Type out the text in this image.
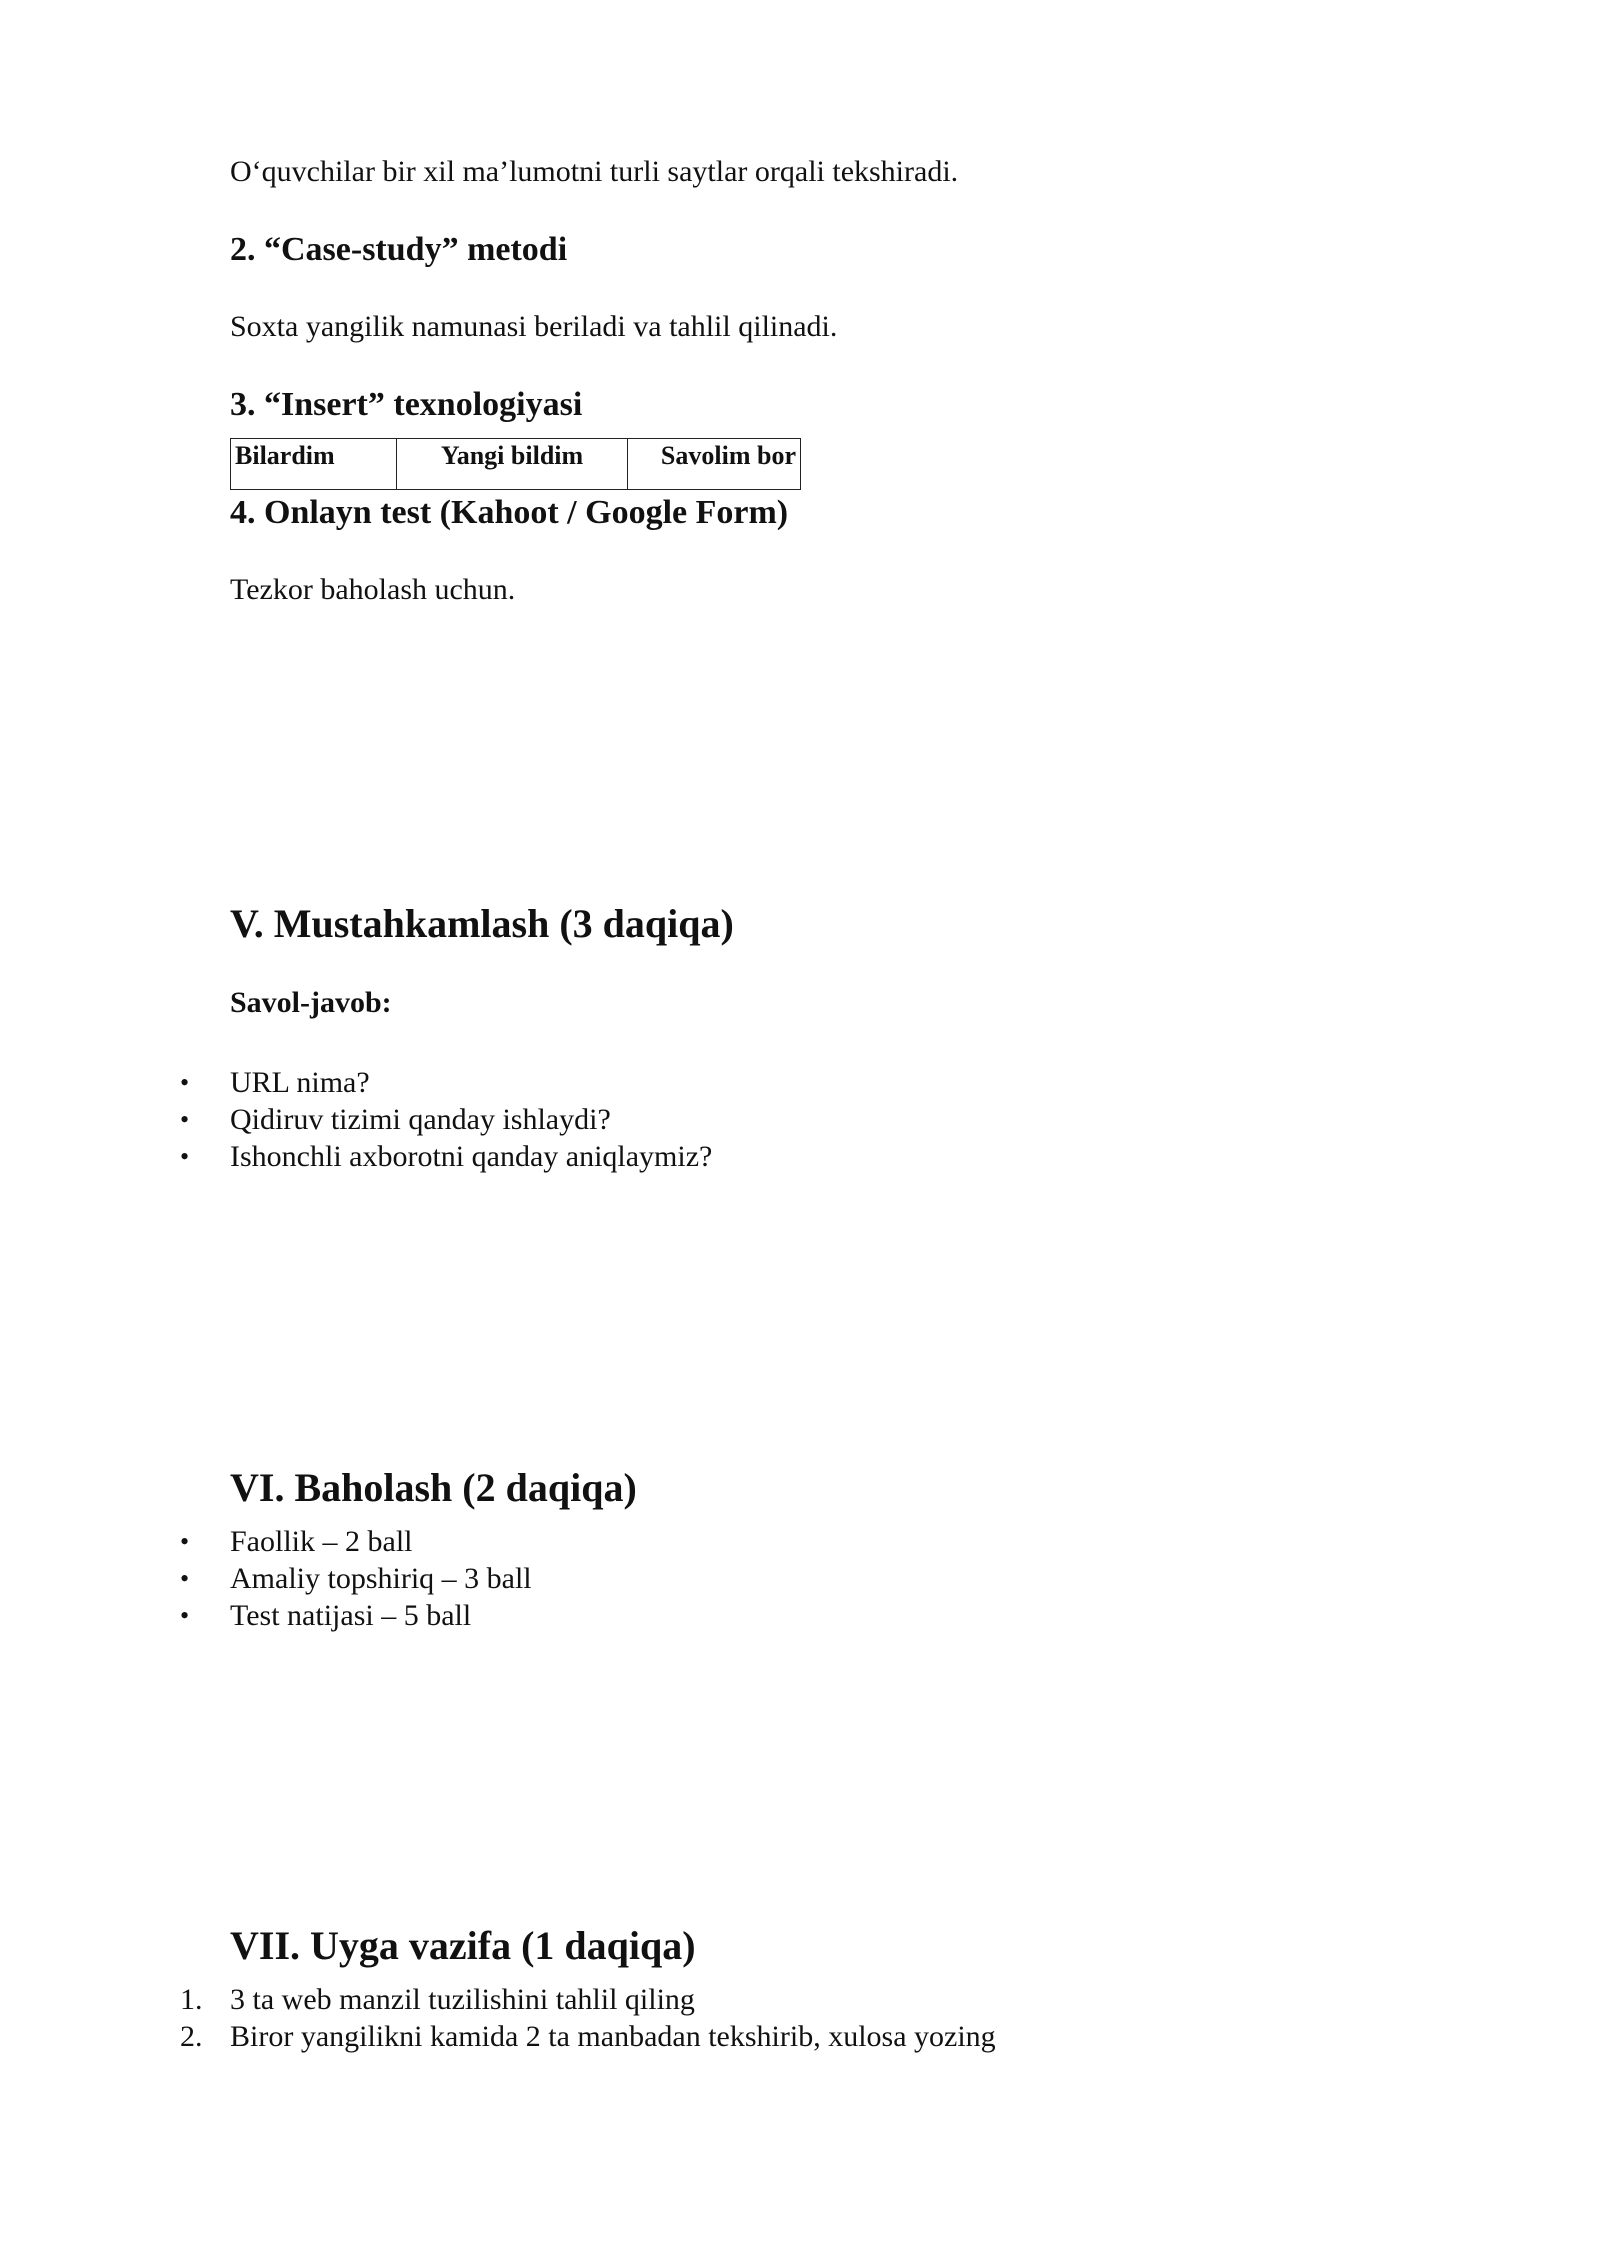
O‘quvchilar bir xil ma’lumotni turli saytlar orqali tekshiradi.
2. “Case-study” metodi
Soxta yangilik namunasi beriladi va tahlil qilinadi.
3. “Insert” texnologiyasi
Bilardim	Yangi bildim	Savolim bor
4. Onlayn test (Kahoot / Google Form)
Tezkor baholash uchun.
V. Mustahkamlash (3 daqiqa)
Savol-javob:
• URL nima?
• Qidiruv tizimi qanday ishlaydi?
• Ishonchli axborotni qanday aniqlaymiz?
VI. Baholash (2 daqiqa)
• Faollik – 2 ball
• Amaliy topshiriq – 3 ball
• Test natijasi – 5 ball
VII. Uyga vazifa (1 daqiqa)
1. 3 ta web manzil tuzilishini tahlil qiling
2. Biror yangilikni kamida 2 ta manbadan tekshirib, xulosa yozing
